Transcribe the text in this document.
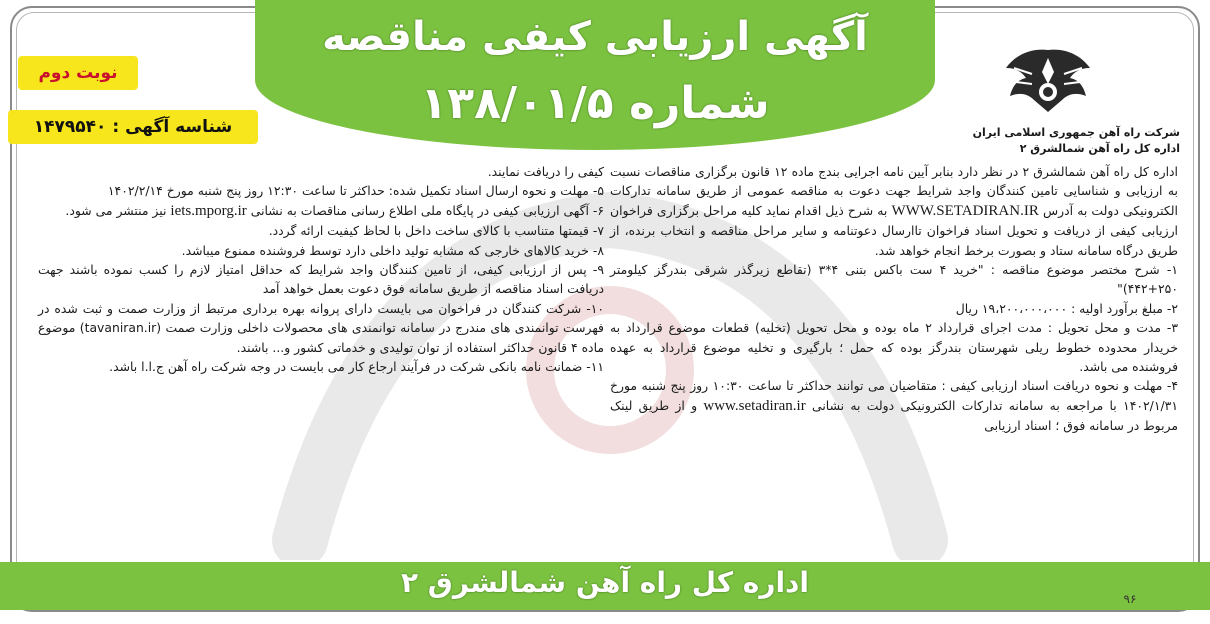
آگهی ارزیابی کیفی مناقصه
شماره ۱۳۸/۰۱/۵
نوبت دوم
شناسه آگهی : ۱۴۷۹۵۴۰	شرکت راه آهن جمهوری اسلامی ایران
اداره کل راه آهن شمالشرق ۲

اداره کل راه آهن شمالشرق ۲ در نظر دارد بنابر آیین نامه اجرایی بندج ماده ۱۲ قانون برگزاری مناقصات نسبت به ارزیابی و شناسایی تامین کنندگان واجد شرایط جهت دعوت به مناقصه عمومی از طریق سامانه تدارکات الکترونیکی دولت به آدرس WWW.SETADIRAN.IR به شرح ذیل اقدام نماید کلیه مراحل برگزاری فراخوان ارزیابی کیفی از دریافت و تحویل اسناد فراخوان تاارسال دعوتنامه و سایر مراحل مناقصه و انتخاب برنده، از طریق درگاه سامانه ستاد و بصورت برخط انجام خواهد شد.

۱- شرح مختصر موضوع مناقصه : "خرید ۴ ست باکس بتنی ۴*۳ (تقاطع زیرگذر شرقی بندرگز کیلومتر ۲۵۰+۴۴۲)"

۲- مبلغ برآورد اولیه : ۱۹،۲۰۰،۰۰۰،۰۰۰ ریال

۳- مدت و محل تحویل : مدت اجرای قرارداد ۲ ماه بوده و محل تحویل (تخلیه) قطعات موضوع قرارداد به خریدار محدوده خطوط ریلی شهرستان بندرگز بوده که حمل ؛ بارگیری و تخلیه موضوع قرارداد به عهده فروشنده می باشد.

۴- مهلت و نحوه دریافت اسناد ارزیابی کیفی : متقاضیان می توانند حداکثر تا ساعت ۱۰:۳۰ روز پنج شنبه مورخ ۱۴۰۲/۱/۳۱ با مراجعه به سامانه تدارکات الکترونیکی دولت به نشانی www.setadiran.ir و از طریق لینک مربوط در سامانه فوق ؛ اسناد ارزیابی

کیفی را دریافت نمایند.

۵- مهلت و نحوه ارسال اسناد تکمیل شده: حداکثر تا ساعت ۱۲:۳۰ روز پنج شنبه مورخ ۱۴۰۲/۲/۱۴

۶- آگهی ارزیابی کیفی در پایگاه ملی اطلاع رسانی مناقصات به نشانی iets.mporg.ir نیز منتشر می شود.

۷- قیمتها متناسب با کالای ساخت داخل با لحاظ کیفیت ارائه گردد.

۸- خرید کالاهای خارجی که مشابه تولید داخلی دارد توسط فروشنده ممنوع میباشد.

۹- پس از ارزیابی کیفی، از تامین کنندگان واجد شرایط که حداقل امتیاز لازم را کسب نموده باشند جهت دریافت اسناد مناقصه از طریق سامانه فوق دعوت بعمل خواهد آمد

۱۰- شرکت کنندگان در فراخوان می بایست دارای پروانه بهره برداری مرتبط از وزارت صمت و ثبت شده در فهرست توانمندی های مندرج در سامانه توانمندی های محصولات داخلی وزارت صمت (tavaniran.ir) موضوع ماده ۴ قانون حداکثر استفاده از توان تولیدی و خدماتی کشور و... باشند.

۱۱- ضمانت نامه بانکی شرکت در فرآیند ارجاع کار می بایست در وجه شرکت راه آهن ج.ا.ا باشد.

اداره کل راه آهن شمالشرق ۲	۹۶
